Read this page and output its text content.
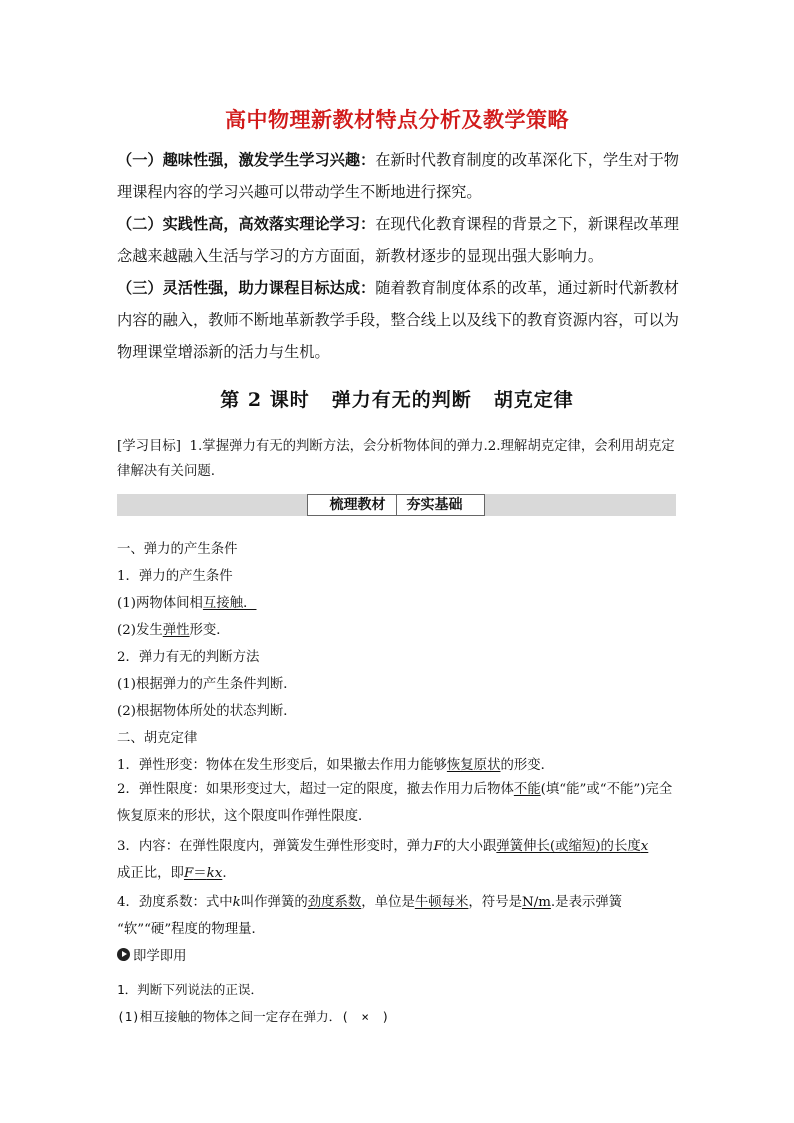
高中物理新教材特点分析及教学策略

（一）趣味性强，激发学生学习兴趣：在新时代教育制度的改革深化下，学生对于物理课程内容的学习兴趣可以带动学生不断地进行探究。

（二）实践性高，高效落实理论学习：在现代化教育课程的背景之下，新课程改革理念越来越融入生活与学习的方方面面，新教材逐步的显现出强大影响力。

（三）灵活性强，助力课程目标达成：随着教育制度体系的改革，通过新时代新教材内容的融入，教师不断地革新教学手段，整合线上以及线下的教育资源内容，可以为物理课堂增添新的活力与生机。

第 2 课时 弹力有无的判断 胡克定律
[学习目标] 1.掌握弹力有无的判断方法，会分析物体间的弹力.2.理解胡克定律，会利用胡克定律解决有关问题.
梳理教材 夯实基础
一、弹力的产生条件
1．弹力的产生条件
(1)两物体间相互接触．
(2)发生弹性形变．
2．弹力有无的判断方法
(1)根据弹力的产生条件判断．
(2)根据物体所处的状态判断．
二、胡克定律
1．弹性形变：物体在发生形变后，如果撤去作用力能够恢复原状的形变．
2．弹性限度：如果形变过大，超过一定的限度，撤去作用力后物体不能(填“能”或“不能”)完全恢复原来的形状，这个限度叫作弹性限度．
3．内容：在弹性限度内，弹簧发生弹性形变时，弹力F的大小跟弹簧伸长(或缩短)的长度x
成正比，即F＝kx.
4．劲度系数：式中k叫作弹簧的劲度系数，单位是牛顿每米，符号是N/m.是表示弹簧
“软”“硬”程度的物理量．
即学即用
1．判断下列说法的正误．
(1)相互接触的物体之间一定存在弹力．(　×　)
